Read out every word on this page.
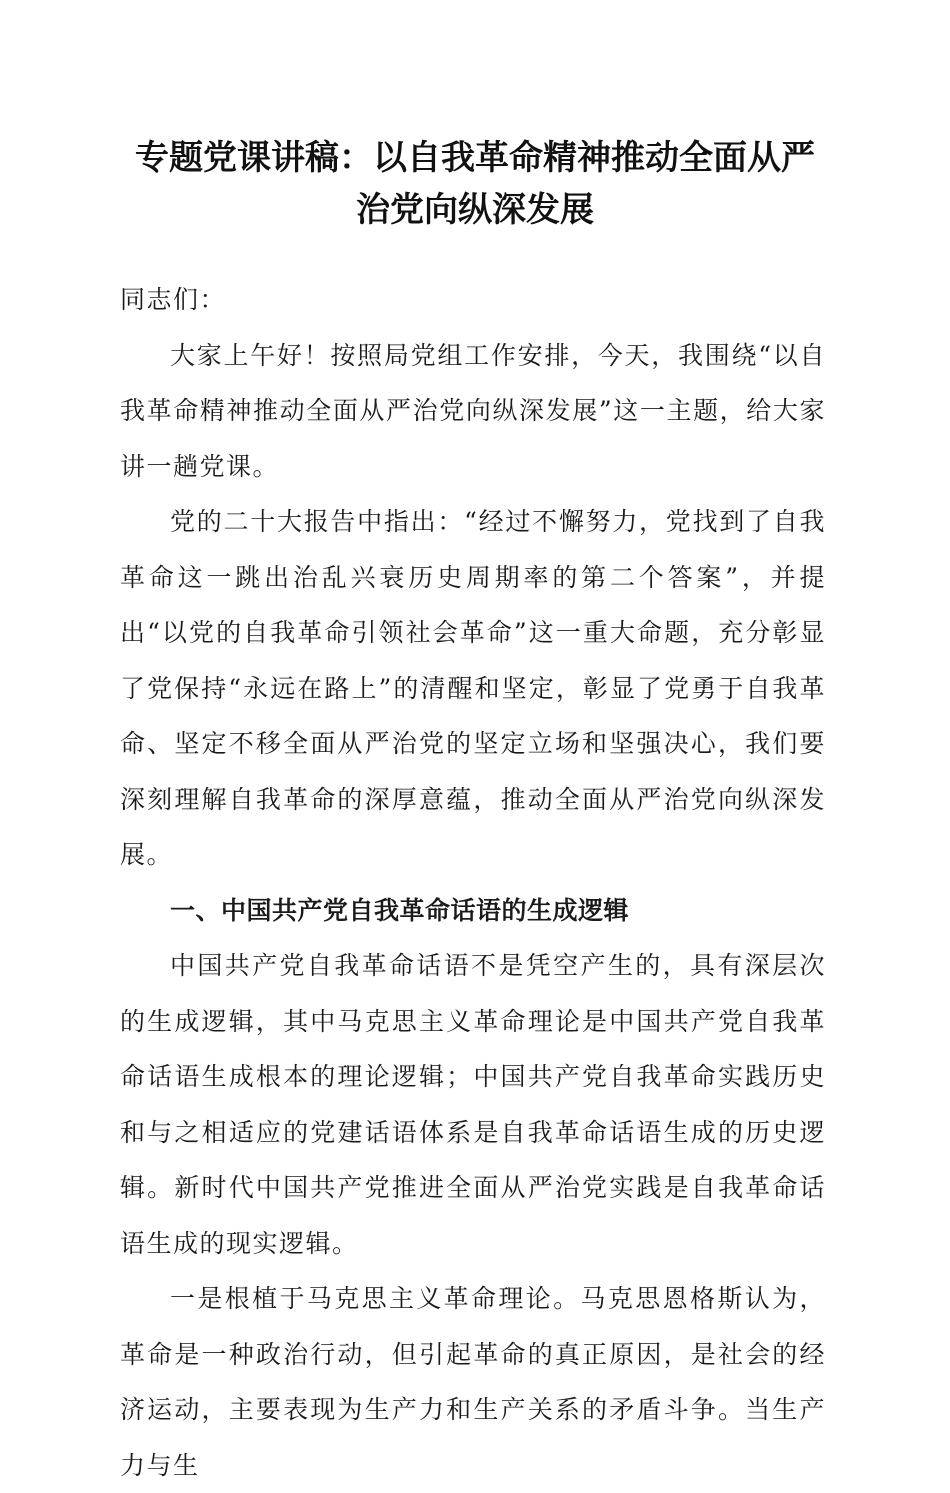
专题党课讲稿：以自我革命精神推动全面从严
治党向纵深发展

同志们：

大家上午好！按照局党组工作安排，今天，我围绕“以自我革命精神推动全面从严治党向纵深发展”这一主题，给大家讲一趟党课。

党的二十大报告中指出：“经过不懈努力，党找到了自我革命这一跳出治乱兴衰历史周期率的第二个答案”，并提出“以党的自我革命引领社会革命”这一重大命题，充分彰显了党保持“永远在路上”的清醒和坚定，彰显了党勇于自我革命、坚定不移全面从严治党的坚定立场和坚强决心，我们要深刻理解自我革命的深厚意蕴，推动全面从严治党向纵深发展。

一、中国共产党自我革命话语的生成逻辑

中国共产党自我革命话语不是凭空产生的，具有深层次的生成逻辑，其中马克思主义革命理论是中国共产党自我革命话语生成根本的理论逻辑；中国共产党自我革命实践历史和与之相适应的党建话语体系是自我革命话语生成的历史逻辑。新时代中国共产党推进全面从严治党实践是自我革命话语生成的现实逻辑。

一是根植于马克思主义革命理论。马克思恩格斯认为，革命是一种政治行动，但引起革命的真正原因，是社会的经济运动，主要表现为生产力和生产关系的矛盾斗争。当生产力与生
